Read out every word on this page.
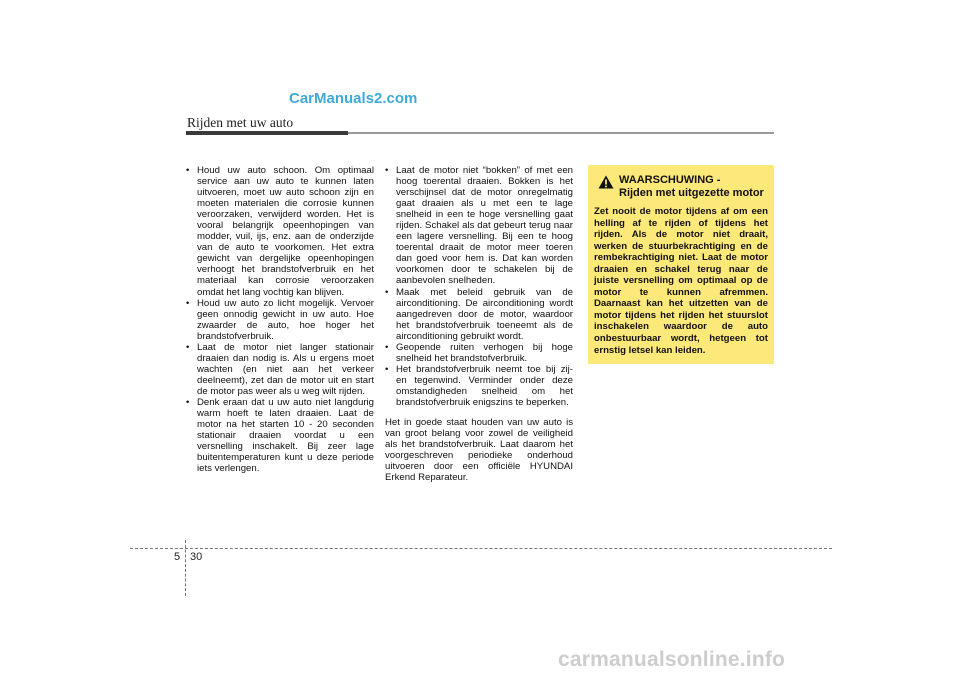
CarManuals2.com
Rijden met uw auto
• Houd uw auto schoon. Om optimaal service aan uw auto te kunnen laten uitvoeren, moet uw auto schoon zijn en moeten materialen die corrosie kunnen veroorzaken, verwijderd worden. Het is vooral belangrijk opeenhopingen van modder, vuil, ijs, enz. aan de onderzijde van de auto te voorkomen. Het extra gewicht van dergelijke opeenhopingen verhoogt het brandstofverbruik en het materiaal kan corrosie veroorzaken omdat het lang vochtig kan blijven.
• Houd uw auto zo licht mogelijk. Vervoer geen onnodig gewicht in uw auto. Hoe zwaarder de auto, hoe hoger het brandstofverbruik.
• Laat de motor niet langer stationair draaien dan nodig is. Als u ergens moet wachten (en niet aan het verkeer deelneemt), zet dan de motor uit en start de motor pas weer als u weg wilt rijden.
• Denk eraan dat u uw auto niet langdurig warm hoeft te laten draaien. Laat de motor na het starten 10 - 20 seconden stationair draaien voordat u een versnelling inschakelt. Bij zeer lage buitentemperaturen kunt u deze periode iets verlengen.
• Laat de motor niet “bokken” of met een hoog toerental draaien. Bokken is het verschijnsel dat de motor onregelmatig gaat draaien als u met een te lage snelheid in een te hoge versnelling gaat rijden. Schakel als dat gebeurt terug naar een lagere versnelling. Bij een te hoog toerental draait de motor meer toeren dan goed voor hem is. Dat kan worden voorkomen door te schakelen bij de aanbevolen snelheden.
• Maak met beleid gebruik van de airconditioning. De airconditioning wordt aangedreven door de motor, waardoor het brandstofverbruik toeneemt als de airconditioning gebruikt wordt.
• Geopende ruiten verhogen bij hoge snelheid het brandstofverbruik.
• Het brandstofverbruik neemt toe bij zij- en tegenwind. Verminder onder deze omstandigheden snelheid om het brandstofverbruik enigszins te beperken.

Het in goede staat houden van uw auto is van groot belang voor zowel de veiligheid als het brandstofverbruik. Laat daarom het voorgeschreven periodieke onderhoud uitvoeren door een officiële HYUNDAI Erkend Reparateur.

WAARSCHUWING -
Rijden met uitgezette motor
Zet nooit de motor tijdens af om een helling af te rijden of tijdens het rijden. Als de motor niet draait, werken de stuurbekrachtiging en de rembekrachtiging niet. Laat de motor draaien en schakel terug naar de juiste versnelling om optimaal op de motor te kunnen afremmen. Daarnaast kan het uitzetten van de motor tijdens het rijden het stuurslot inschakelen waardoor de auto onbestuurbaar wordt, hetgeen tot ernstig letsel kan leiden.
5 30
carmanualsonline.info
